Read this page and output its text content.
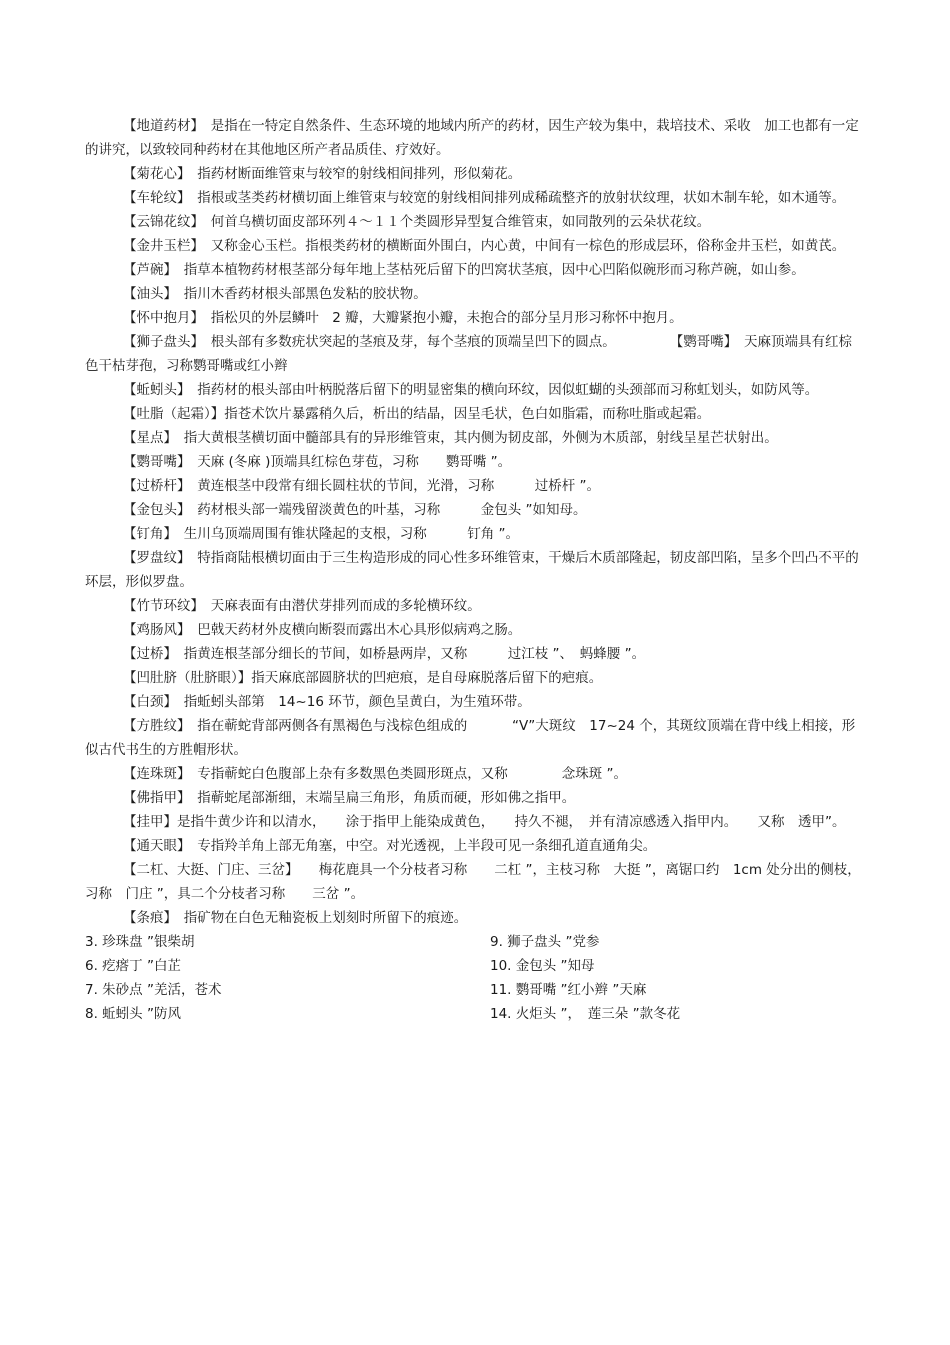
【地道药材】　是指在一特定自然条件、生态环境的地域内所产的药材，因生产较为集中，栽培技术、采收　加工也都有一定的讲究，以致较同种药材在其他地区所产者品质佳、疗效好。

【菊花心】　指药材断面维管束与较窄的射线相间排列，形似菊花。

【车轮纹】　指根或茎类药材横切面上维管束与较宽的射线相间排列成稀疏整齐的放射状纹理，状如木制车轮，如木通等。

【云锦花纹】　何首乌横切面皮部环列４～１１个类圆形异型复合维管束，如同散列的云朵状花纹。

【金井玉栏】　又称金心玉栏。指根类药材的横断面外围白，内心黄，中间有一棕色的形成层环，俗称金井玉栏，如黄芪。

【芦碗】　指草本植物药材根茎部分每年地上茎枯死后留下的凹窝状茎痕，因中心凹陷似碗形而习称芦碗，如山参。

【油头】　指川木香药材根头部黑色发粘的胶状物。

【怀中抱月】　指松贝的外层鳞叶　2 瓣，大瓣紧抱小瓣，未抱合的部分呈月形习称怀中抱月。

【狮子盘头】　根头部有多数疣状突起的茎痕及芽，每个茎痕的顶端呈凹下的圆点。　　　　　【鹦哥嘴】　天麻顶端具有红棕色干枯芽孢，习称鹦哥嘴或红小辫

【蚯蚓头】　指药材的根头部由叶柄脱落后留下的明显密集的横向环纹，因似虹蝴的头颈部而习称虹划头，如防风等。

【吐脂（起霜）】指苍术饮片暴露稍久后，析出的结晶，因呈毛状，色白如脂霜，而称吐脂或起霜。

【星点】　指大黄根茎横切面中髓部具有的异形维管束，其内侧为韧皮部，外侧为木质部，射线呈星芒状射出。

【鹦哥嘴】　天麻 (冬麻 )顶端具红棕色芽苞，习称　　鹦哥嘴 ”。

【过桥杆】　黄连根茎中段常有细长圆柱状的节间，光滑，习称　　　过桥杆 ”。

【金包头】　药材根头部一端残留淡黄色的叶基，习称　　　金包头 ”如知母。

【钉角】　生川乌顶端周围有锥状隆起的支根，习称　　　钉角 ”。

【罗盘纹】　特指商陆根横切面由于三生构造形成的同心性多环维管束，干燥后木质部隆起，韧皮部凹陷，呈多个凹凸不平的环层，形似罗盘。

【竹节环纹】　天麻表面有由潜伏芽排列而成的多轮横环纹。

【鸡肠风】　巴戟天药材外皮横向断裂而露出木心具形似病鸡之肠。

【过桥】　指黄连根茎部分细长的节间，如桥悬两岸，又称　　　过江枝 ”、　蚂蜂腰 ”。

【凹肚脐（肚脐眼）】指天麻底部圆脐状的凹疤痕，是自母麻脱落后留下的疤痕。

【白颈】　指蚯蚓头部第　14~16 环节，颜色呈黄白，为生殖环带。

【方胜纹】　指在蕲蛇背部两侧各有黑褐色与浅棕色组成的　　　 “V”大斑纹　17~24 个，其斑纹顶端在背中线上相接，形似古代书生的方胜帽形状。

【连珠斑】　专指蕲蛇白色腹部上杂有多数黑色类圆形斑点，又称　　　　念珠斑 ”。

【佛指甲】　指蕲蛇尾部渐细，末端呈扁三角形，角质而硬，形如佛之指甲。

【挂甲】是指牛黄少许和以清水，　　涂于指甲上能染成黄色，　　持久不褪，　并有清凉感透入指甲内。　　又称　透甲”。

【通天眼】　专指羚羊角上部无角塞，中空。对光透视，上半段可见一条细孔道直通角尖。

【二杠、大挺、门庄、三岔】　　梅花鹿具一个分枝者习称　　二杠 ”，主枝习称　大挺 ”，离锯口约　1cm 处分出的侧枝，习称　门庄 ”，具二个分枝者习称　　三岔 ”。

【条痕】　指矿物在白色无釉瓷板上划刻时所留下的痕迹。

3. 珍珠盘 ”银柴胡	9. 狮子盘头 ”党参
6. 疙瘩丁 ”白芷	10. 金包头 ”知母
7. 朱砂点 ”羌活，苍术	11. 鹦哥嘴 ”红小辫 ”天麻
8. 蚯蚓头 ”防风	14. 火炬头 ”，　莲三朵 ”款冬花
